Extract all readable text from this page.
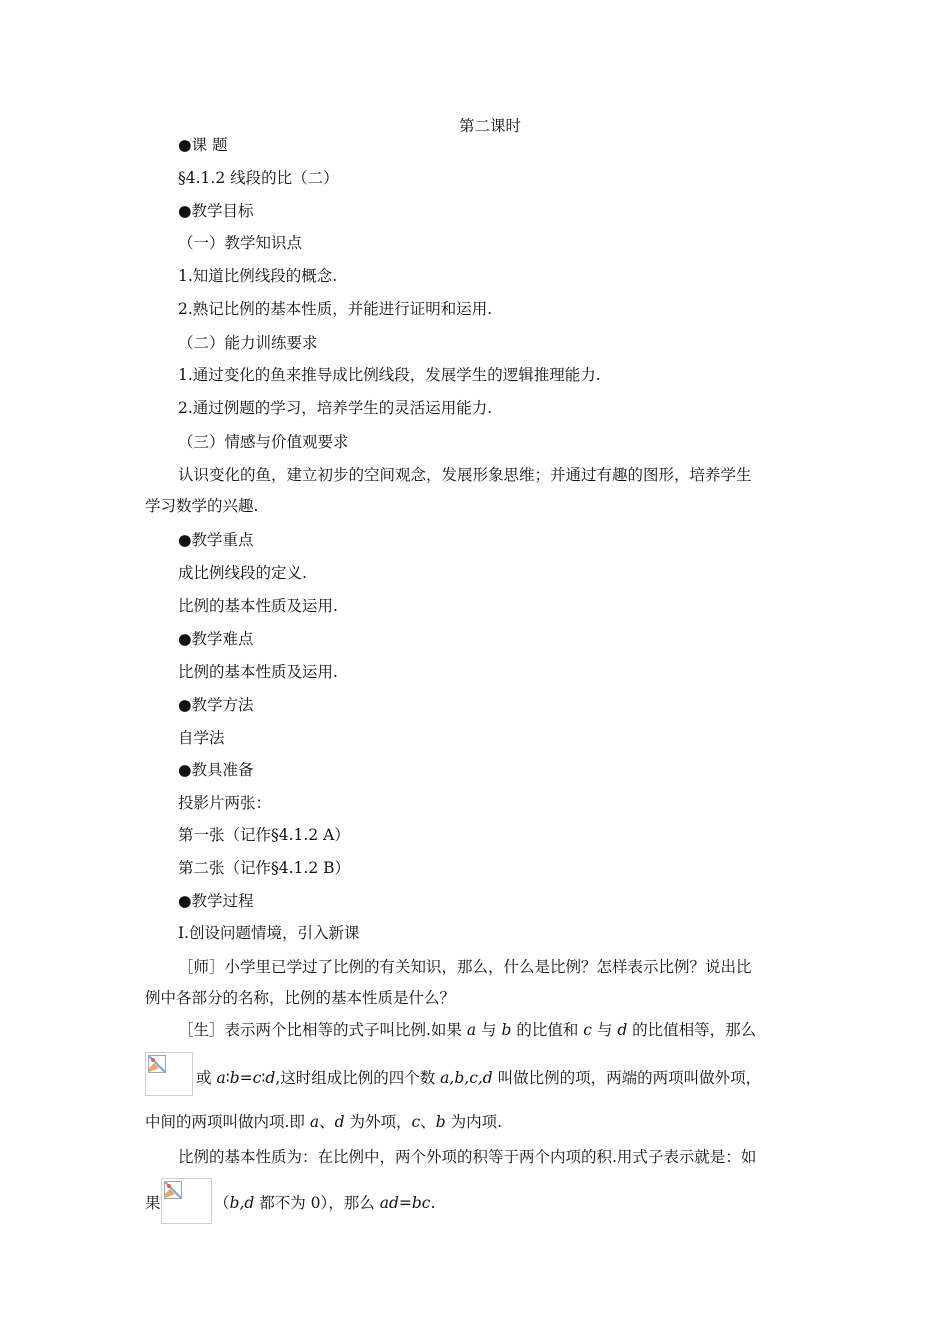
第二课时
●课 题
§4.1.2 线段的比（二）
●教学目标
（一）教学知识点
1.知道比例线段的概念.
2.熟记比例的基本性质，并能进行证明和运用.
（二）能力训练要求
1.通过变化的鱼来推导成比例线段，发展学生的逻辑推理能力.
2.通过例题的学习，培养学生的灵活运用能力.
（三）情感与价值观要求
认识变化的鱼，建立初步的空间观念，发展形象思维；并通过有趣的图形，培养学生
学习数学的兴趣.
●教学重点
成比例线段的定义.
比例的基本性质及运用.
●教学难点
比例的基本性质及运用.
●教学方法
自学法
●教具准备
投影片两张：
第一张（记作§4.1.2 A）
第二张（记作§4.1.2 B）
●教学过程
Ⅰ.创设问题情境，引入新课
［师］小学里已学过了比例的有关知识，那么，什么是比例？怎样表示比例？说出比
例中各部分的名称，比例的基本性质是什么？
［生］表示两个比相等的式子叫比例.如果 a 与 b 的比值和 c 与 d 的比值相等，那么
或 a∶b=c∶d,这时组成比例的四个数 a,b,c,d 叫做比例的项，两端的两项叫做外项，
中间的两项叫做内项.即 a、d 为外项，c、b 为内项.
比例的基本性质为：在比例中，两个外项的积等于两个内项的积.用式子表示就是：如
果	（b,d 都不为 0），那么 ad=bc.
